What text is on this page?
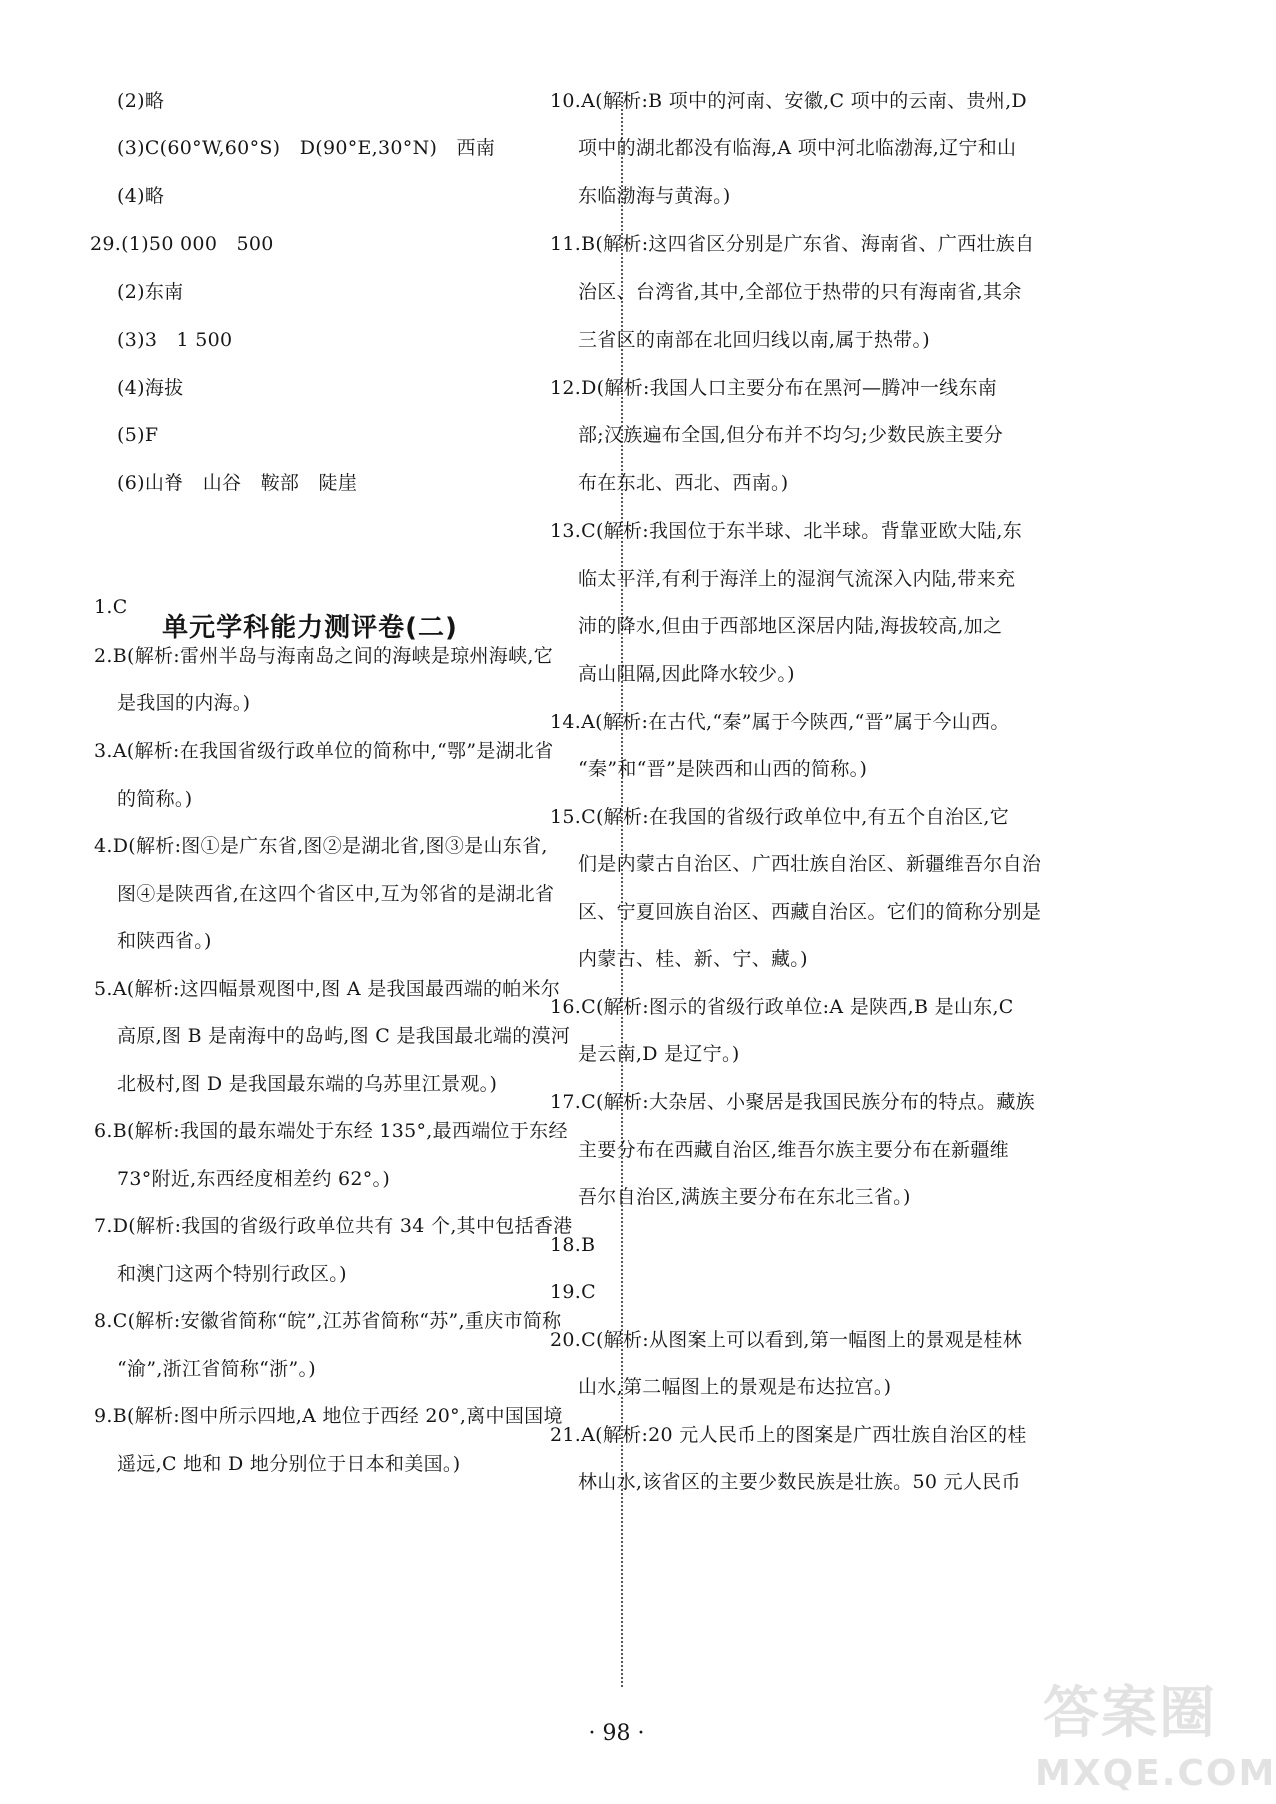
(2)略
(3)C(60°W,60°S)　D(90°E,30°N)　西南
(4)略
29.(1)50 000　500
(2)东南
(3)3　1 500
(4)海拔
(5)F
(6)山脊　山谷　鞍部　陡崖
1.C
2.B(解析:雷州半岛与海南岛之间的海峡是琼州海峡,它
是我国的内海。)
3.A(解析:在我国省级行政单位的简称中,“鄂”是湖北省
的简称。)
4.D(解析:图①是广东省,图②是湖北省,图③是山东省,
图④是陕西省,在这四个省区中,互为邻省的是湖北省
和陕西省。)
5.A(解析:这四幅景观图中,图 A 是我国最西端的帕米尔
高原,图 B 是南海中的岛屿,图 C 是我国最北端的漠河
北极村,图 D 是我国最东端的乌苏里江景观。)
6.B(解析:我国的最东端处于东经 135°,最西端位于东经
73°附近,东西经度相差约 62°。)
7.D(解析:我国的省级行政单位共有 34 个,其中包括香港
和澳门这两个特别行政区。)
8.C(解析:安徽省简称“皖”,江苏省简称“苏”,重庆市简称
“渝”,浙江省简称“浙”。)
9.B(解析:图中所示四地,A 地位于西经 20°,离中国国境
遥远,C 地和 D 地分别位于日本和美国。)
单元学科能力测评卷(二)
10.A(解析:B 项中的河南、安徽,C 项中的云南、贵州,D
项中的湖北都没有临海,A 项中河北临渤海,辽宁和山
东临渤海与黄海。)
11.B(解析:这四省区分别是广东省、海南省、广西壮族自
治区、台湾省,其中,全部位于热带的只有海南省,其余
三省区的南部在北回归线以南,属于热带。)
12.D(解析:我国人口主要分布在黑河—腾冲一线东南
部;汉族遍布全国,但分布并不均匀;少数民族主要分
布在东北、西北、西南。)
13.C(解析:我国位于东半球、北半球。背靠亚欧大陆,东
临太平洋,有利于海洋上的湿润气流深入内陆,带来充
沛的降水,但由于西部地区深居内陆,海拔较高,加之
高山阻隔,因此降水较少。)
14.A(解析:在古代,“秦”属于今陕西,“晋”属于今山西。
“秦”和“晋”是陕西和山西的简称。)
15.C(解析:在我国的省级行政单位中,有五个自治区,它
们是内蒙古自治区、广西壮族自治区、新疆维吾尔自治
区、宁夏回族自治区、西藏自治区。它们的简称分别是
内蒙古、桂、新、宁、藏。)
16.C(解析:图示的省级行政单位:A 是陕西,B 是山东,C
是云南,D 是辽宁。)
17.C(解析:大杂居、小聚居是我国民族分布的特点。藏族
主要分布在西藏自治区,维吾尔族主要分布在新疆维
吾尔自治区,满族主要分布在东北三省。)
18.B
19.C
20.C(解析:从图案上可以看到,第一幅图上的景观是桂林
山水,第二幅图上的景观是布达拉宫。)
21.A(解析:20 元人民币上的图案是广西壮族自治区的桂
林山水,该省区的主要少数民族是壮族。50 元人民币
· 98 ·	答案圈
MXQE.COM
